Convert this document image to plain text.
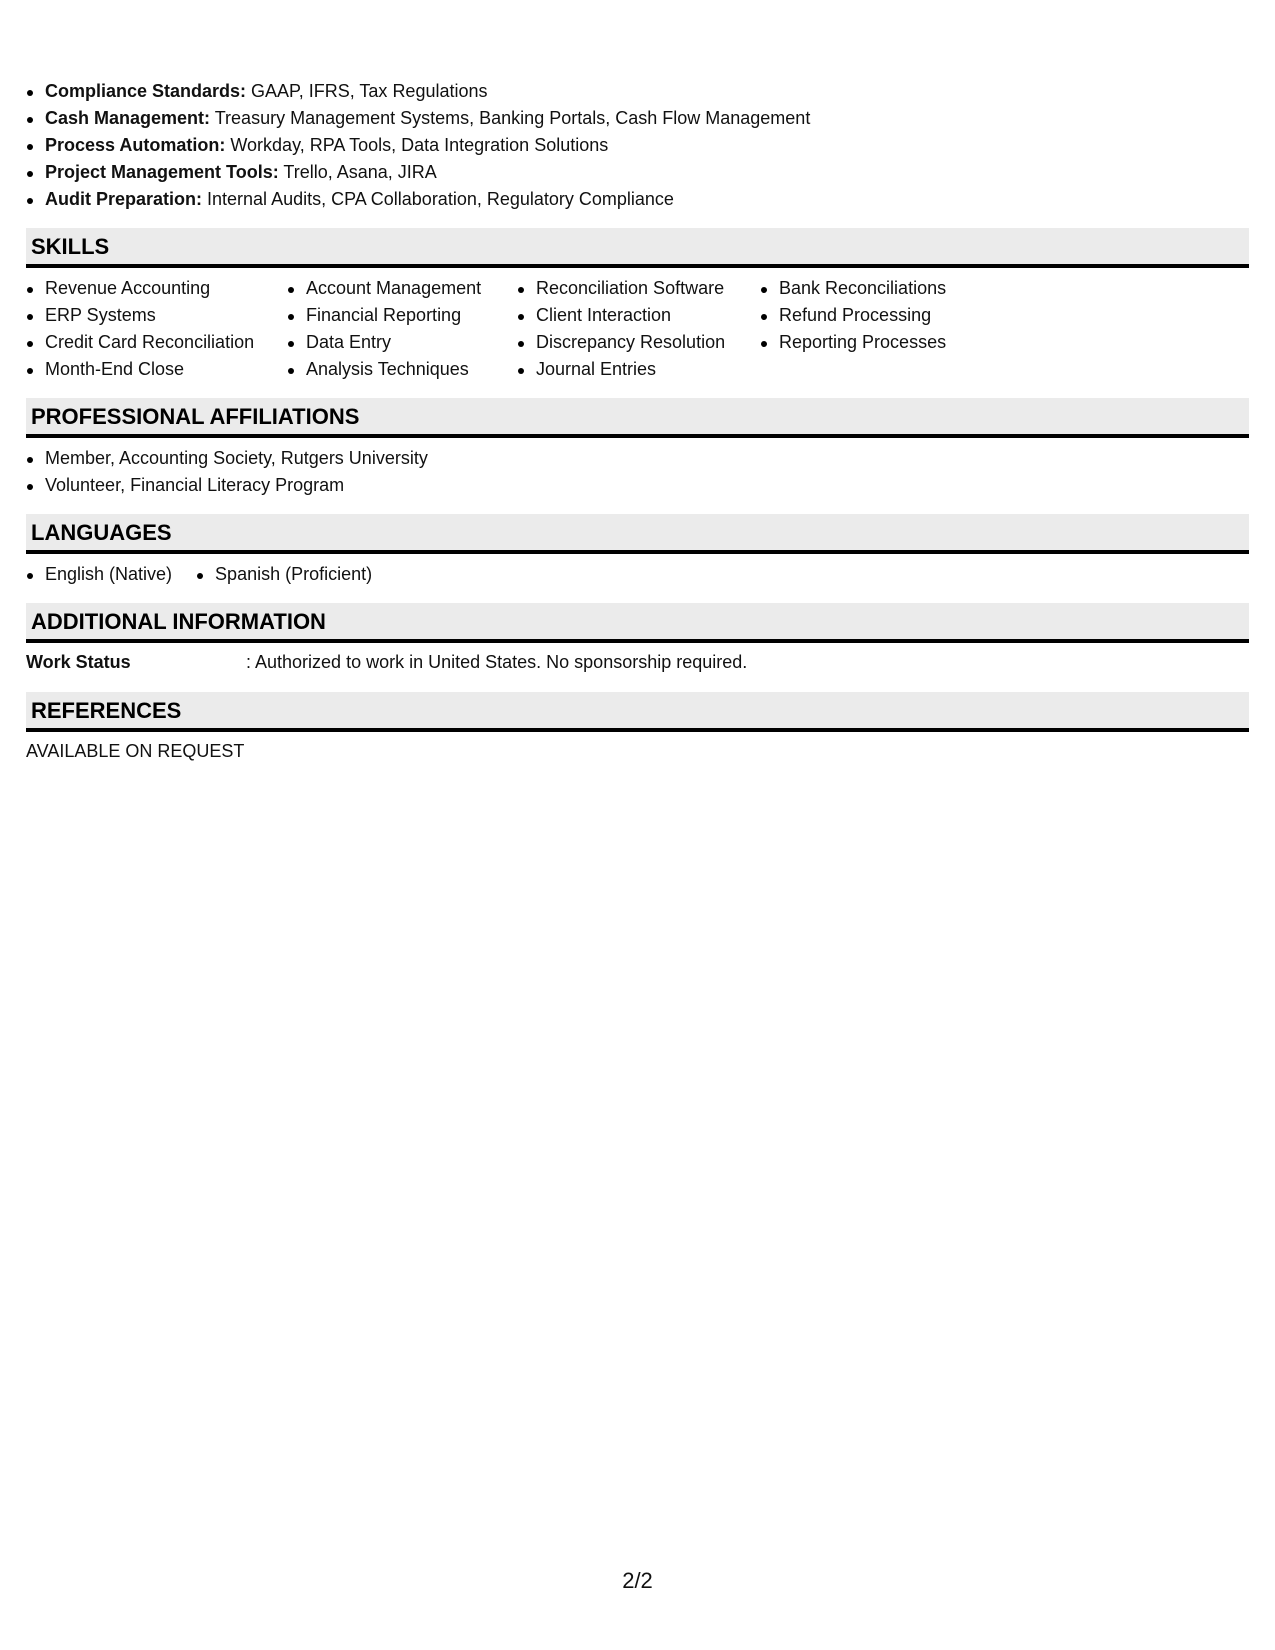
Compliance Standards: GAAP, IFRS, Tax Regulations
Cash Management: Treasury Management Systems, Banking Portals, Cash Flow Management
Process Automation: Workday, RPA Tools, Data Integration Solutions
Project Management Tools: Trello, Asana, JIRA
Audit Preparation: Internal Audits, CPA Collaboration, Regulatory Compliance
SKILLS
Revenue Accounting
ERP Systems
Credit Card Reconciliation
Month-End Close
Account Management
Financial Reporting
Data Entry
Analysis Techniques
Reconciliation Software
Client Interaction
Discrepancy Resolution
Journal Entries
Bank Reconciliations
Refund Processing
Reporting Processes
PROFESSIONAL AFFILIATIONS
Member, Accounting Society, Rutgers University
Volunteer, Financial Literacy Program
LANGUAGES
English (Native)	Spanish (Proficient)
ADDITIONAL INFORMATION
Work Status	: Authorized to work in United States. No sponsorship required.
REFERENCES
AVAILABLE ON REQUEST
2/2
